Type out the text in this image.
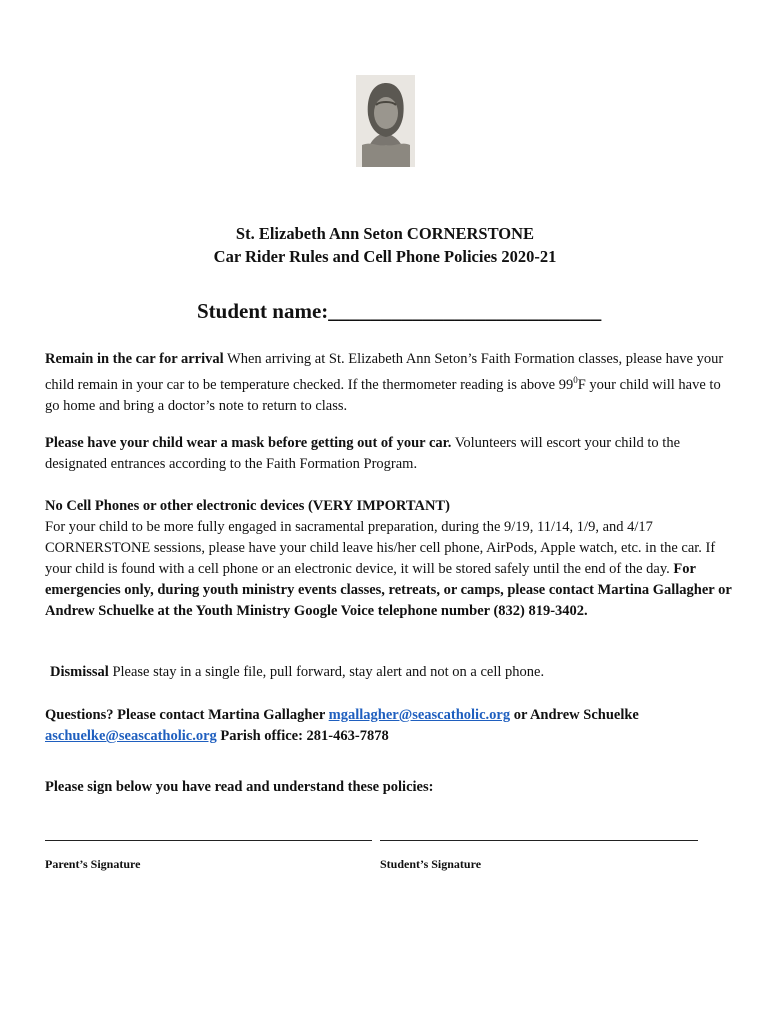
St. Elizabeth Ann Seton CORNERSTONE
Car Rider Rules and Cell Phone Policies 2020-21
Student name:__________________________

Remain in the car for arrival When arriving at St. Elizabeth Ann Seton’s Faith Formation classes, please have your child remain in your car to be temperature checked. If the thermometer reading is above $99^0F$ your child will have to go home and bring a doctor’s note to return to class.

Please have your child wear a mask before getting out of your car. Volunteers will escort your child to the designated entrances according to the Faith Formation Program.

No Cell Phones or other electronic devices (VERY IMPORTANT)
For your child to be more fully engaged in sacramental preparation, during the 9/19, 11/14, 1/9, and 4/17 CORNERSTONE sessions, please have your child leave his/her cell phone, AirPods, Apple watch, etc. in the car. If your child is found with a cell phone or an electronic device, it will be stored safely until the end of the day. For emergencies only, during youth ministry events classes, retreats, or camps, please contact Martina Gallagher or Andrew Schuelke at the Youth Ministry Google Voice telephone number (832) 819-3402.

Dismissal Please stay in a single file, pull forward, stay alert and not on a cell phone.

Questions? Please contact Martina Gallagher mgallagher@seascatholic.org or Andrew Schuelke aschuelke@seascatholic.org Parish office: 281-463-7878

Please sign below you have read and understand these policies:

Parent’s Signature	Student’s Signature
